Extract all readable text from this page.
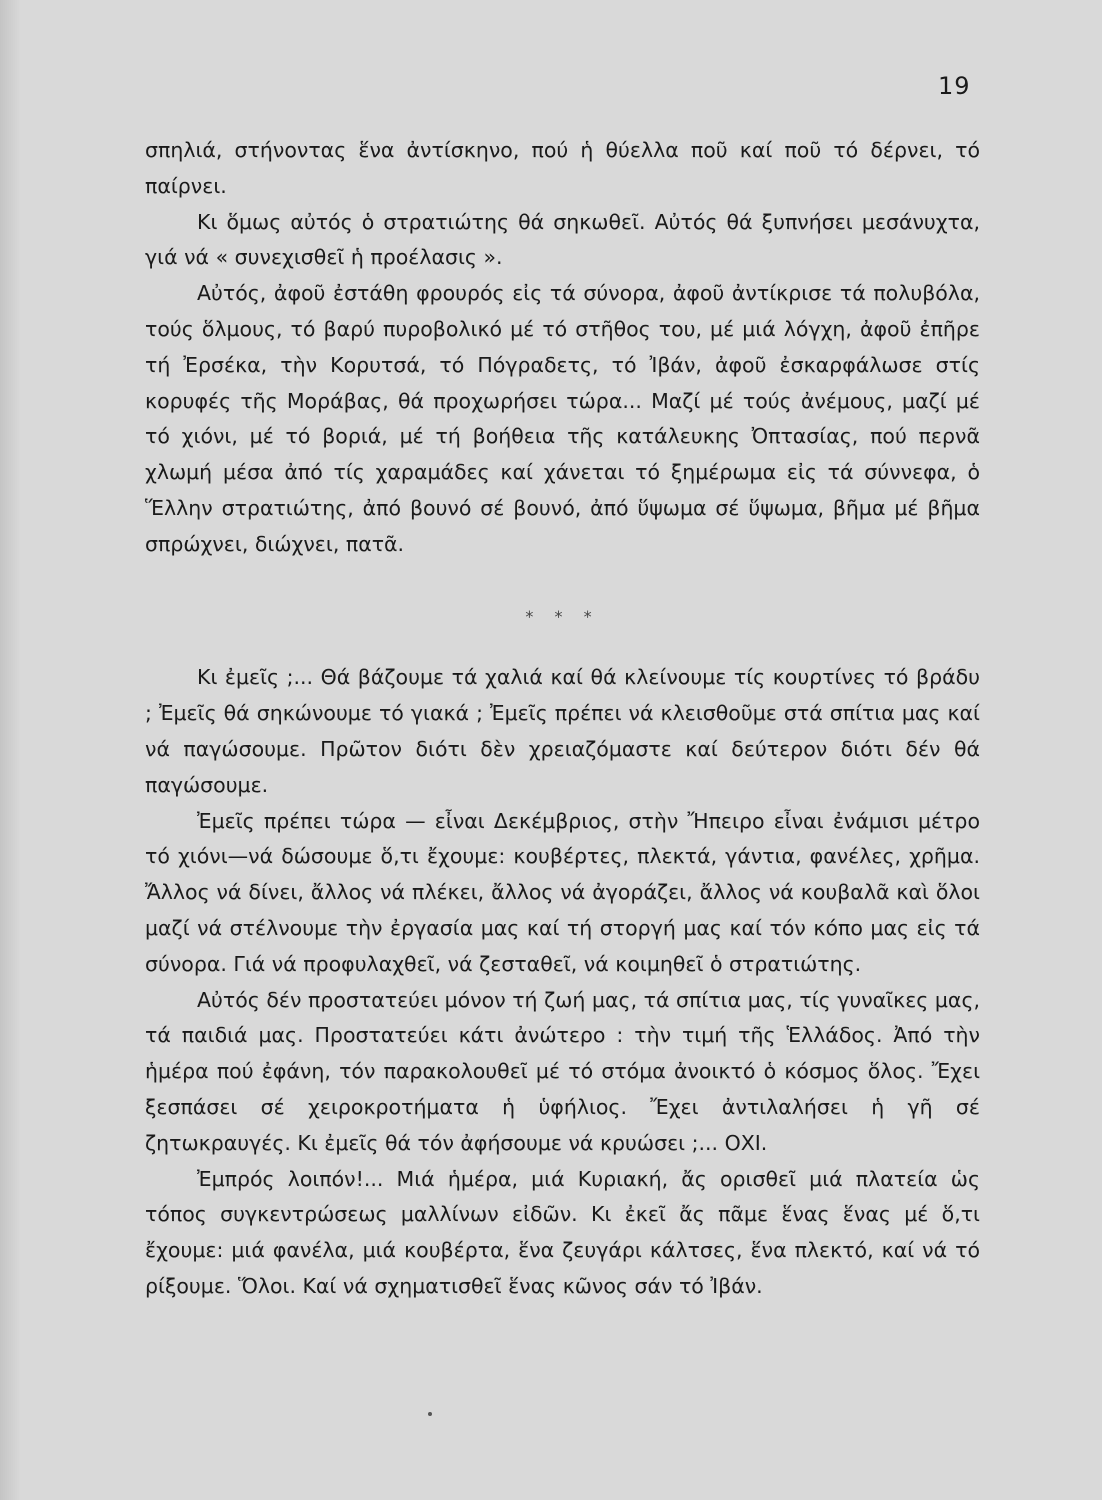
19

σπηλιά, στήνοντας ἕνα ἀντίσκηνο, πού ἡ θύελλα ποῦ καί ποῦ τό δέρνει, τό παίρνει.

Κι ὅμως αὐτός ὁ στρατιώτης θά σηκωθεῖ. Αὐτός θά ξυπνήσει μεσάνυχτα, γιά νά « συνεχισθεῖ ἡ προέλασις ».

Αὐτός, ἀφοῦ ἐστάθη φρουρός εἰς τά σύνορα, ἀφοῦ ἀντίκρισε τά πολυβόλα, τούς ὅλμους, τό βαρύ πυροβολικό μέ τό στῆθος του, μέ μιά λόγχη, ἀφοῦ ἐπῆρε τή Ἐρσέκα, τὴν Κορυτσά, τό Πόγραδετς, τό Ἰβάν, ἀφοῦ ἐσκαρφάλωσε στίς κορυφές τῆς Μοράβας, θά προχωρήσει τώρα... Μαζί μέ τούς ἀνέμους, μαζί μέ τό χιόνι, μέ τό βοριά, μέ τή βοήθεια τῆς κατάλευκης Ὀπτασίας, πού περνᾶ χλωμή μέσα ἀπό τίς χαραμάδες καί χάνεται τό ξημέρωμα εἰς τά σύννεφα, ὁ Ἕλλην στρατιώτης, ἀπό βουνό σέ βουνό, ἀπό ὕψωμα σέ ὕψωμα, βῆμα μέ βῆμα σπρώχνει, διώχνει, πατᾶ.

* * *

Κι ἐμεῖς ;... Θά βάζουμε τά χαλιά καί θά κλείνουμε τίς κουρτίνες τό βράδυ ; Ἐμεῖς θά σηκώνουμε τό γιακά ; Ἐμεῖς πρέπει νά κλεισθοῦμε στά σπίτια μας καί νά παγώσουμε. Πρῶτον διότι δὲν χρειαζόμαστε καί δεύτερον διότι δέν θά παγώσουμε.

Ἐμεῖς πρέπει τώρα — εἶναι Δεκέμβριος, στὴν Ἤπειρο εἶναι ἐνάμισι μέτρο τό χιόνι—νά δώσουμε ὅ,τι ἔχουμε: κουβέρτες, πλεκτά, γάντια, φανέλες, χρῆμα. Ἄλλος νά δίνει, ἄλλος νά πλέκει, ἄλλος νά ἀγοράζει, ἄλλος νά κουβαλᾶ καὶ ὅλοι μαζί νά στέλνουμε τὴν ἐργασία μας καί τή στοργή μας καί τόν κόπο μας εἰς τά σύνορα. Γιά νά προφυλαχθεῖ, νά ζεσταθεῖ, νά κοιμηθεῖ ὁ στρατιώτης.

Αὐτός δέν προστατεύει μόνον τή ζωή μας, τά σπίτια μας, τίς γυναῖκες μας, τά παιδιά μας. Προστατεύει κάτι ἀνώτερο : τὴν τιμή τῆς Ἑλλάδος. Ἀπό τὴν ἡμέρα πού ἐφάνη, τόν παρακολουθεῖ μέ τό στόμα ἀνοικτό ὁ κόσμος ὅλος. Ἔχει ξεσπάσει σέ χειροκροτήματα ἡ ὑφήλιος. Ἔχει ἀντιλαλήσει ἡ γῆ σέ ζητωκραυγές. Κι ἐμεῖς θά τόν ἀφήσουμε νά κρυώσει ;... ΟΧΙ.

Ἐμπρός λοιπόν!... Μιά ἡμέρα, μιά Κυριακή, ἄς ορισθεῖ μιά πλατεία ὡς τόπος συγκεντρώσεως μαλλίνων εἰδῶν. Κι ἐκεῖ ἄς πᾶμε ἕνας ἕνας μέ ὅ,τι ἔχουμε: μιά φανέλα, μιά κουβέρτα, ἕνα ζευγάρι κάλτσες, ἕνα πλεκτό, καί νά τό ρίξουμε. Ὅλοι. Καί νά σχηματισθεῖ ἕνας κῶνος σάν τό Ἰβάν.
